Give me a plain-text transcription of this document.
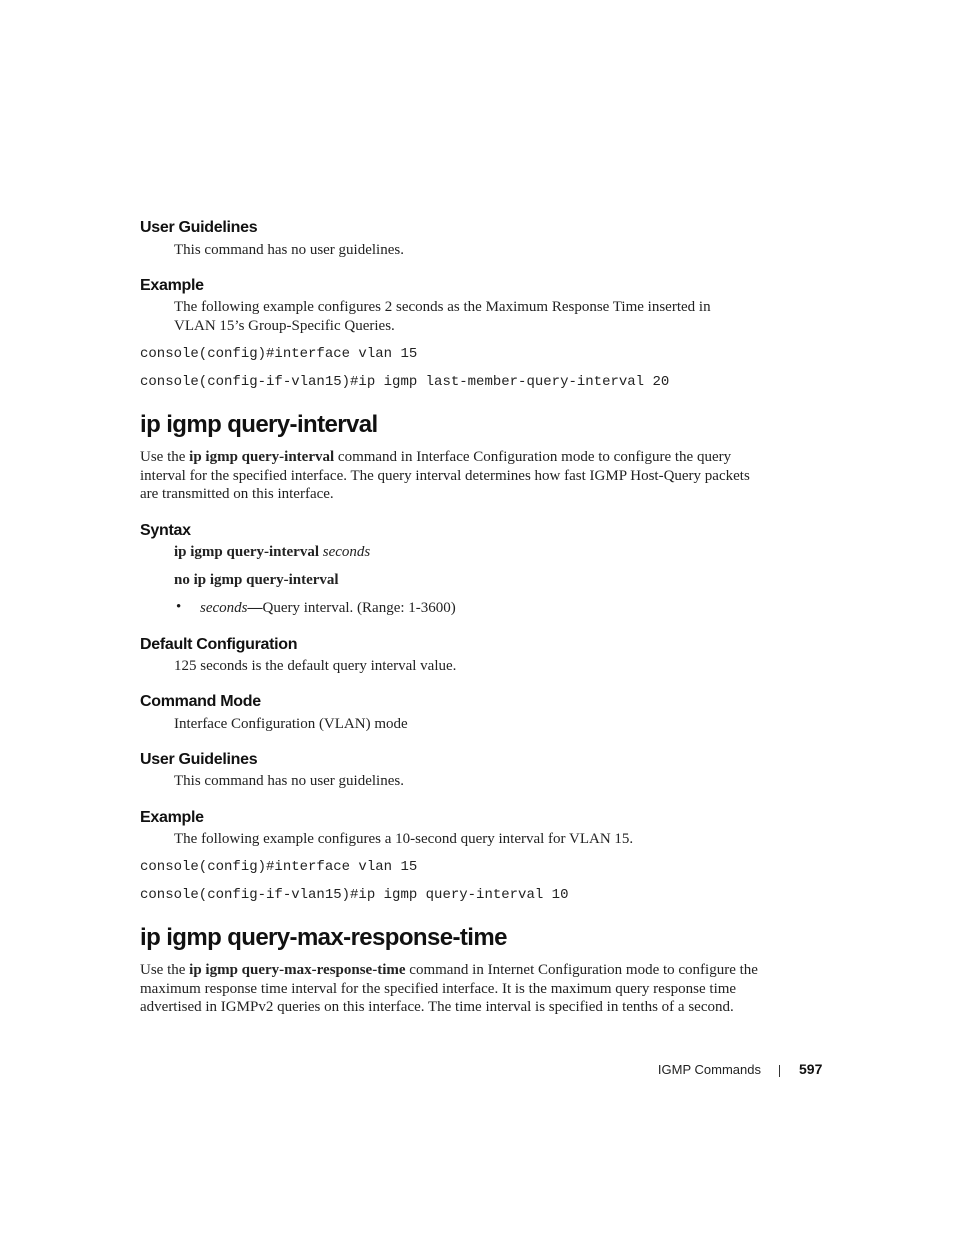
User Guidelines
This command has no user guidelines.
Example
The following example configures 2 seconds as the Maximum Response Time inserted in VLAN 15’s Group-Specific Queries.
console(config)#interface vlan 15
console(config-if-vlan15)#ip igmp last-member-query-interval 20
ip igmp query-interval
Use the ip igmp query-interval command in Interface Configuration mode to configure the query interval for the specified interface. The query interval determines how fast IGMP Host-Query packets are transmitted on this interface.
Syntax
ip igmp query-interval seconds
no ip igmp query-interval
• seconds—Query interval. (Range: 1-3600)
Default Configuration
125 seconds is the default query interval value.
Command Mode
Interface Configuration (VLAN) mode
User Guidelines
This command has no user guidelines.
Example
The following example configures a 10-second query interval for VLAN 15.
console(config)#interface vlan 15
console(config-if-vlan15)#ip igmp query-interval 10
ip igmp query-max-response-time
Use the ip igmp query-max-response-time command in Internet Configuration mode to configure the maximum response time interval for the specified interface. It is the maximum query response time advertised in IGMPv2 queries on this interface. The time interval is specified in tenths of a second.
IGMP Commands	597
